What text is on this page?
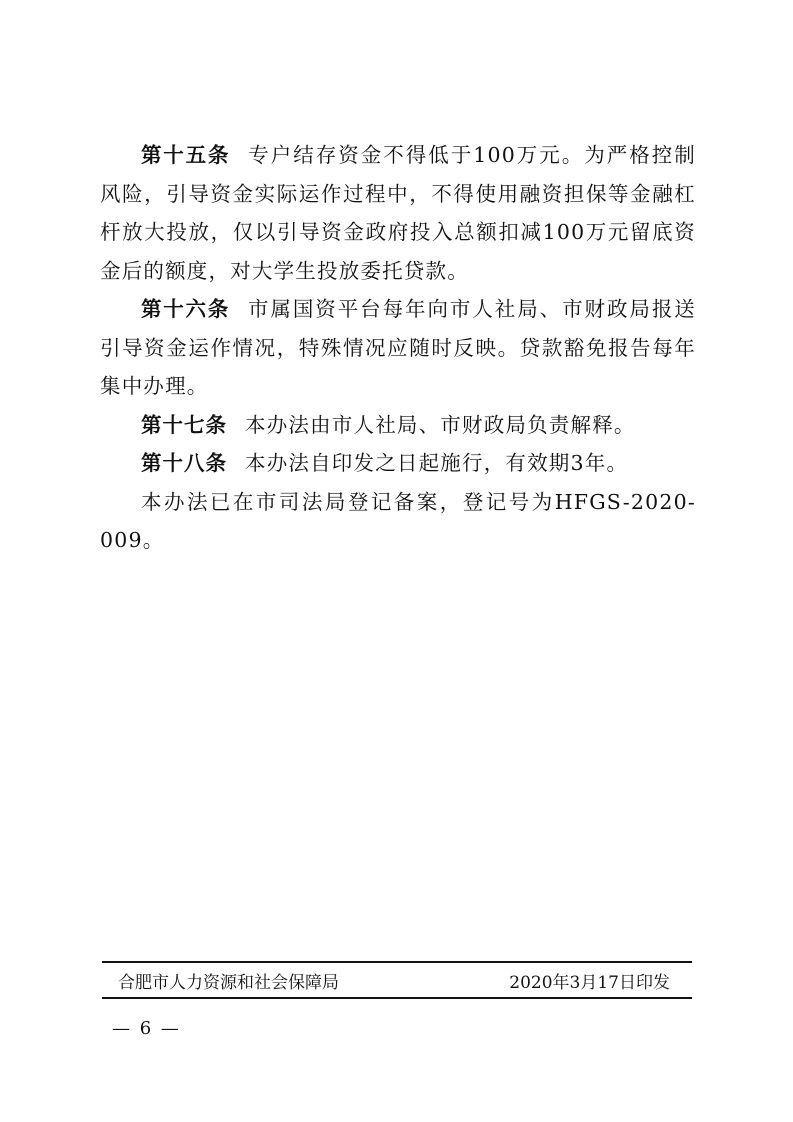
第十五条 专户结存资金不得低于100万元。为严格控制风险，引导资金实际运作过程中，不得使用融资担保等金融杠杆放大投放，仅以引导资金政府投入总额扣减100万元留底资金后的额度，对大学生投放委托贷款。

第十六条 市属国资平台每年向市人社局、市财政局报送引导资金运作情况，特殊情况应随时反映。贷款豁免报告每年集中办理。

第十七条 本办法由市人社局、市财政局负责解释。

第十八条 本办法自印发之日起施行，有效期3年。

本办法已在市司法局登记备案，登记号为HFGS-2020-009。

合肥市人力资源和社会保障局	2020年3月17日印发
— 6 —
